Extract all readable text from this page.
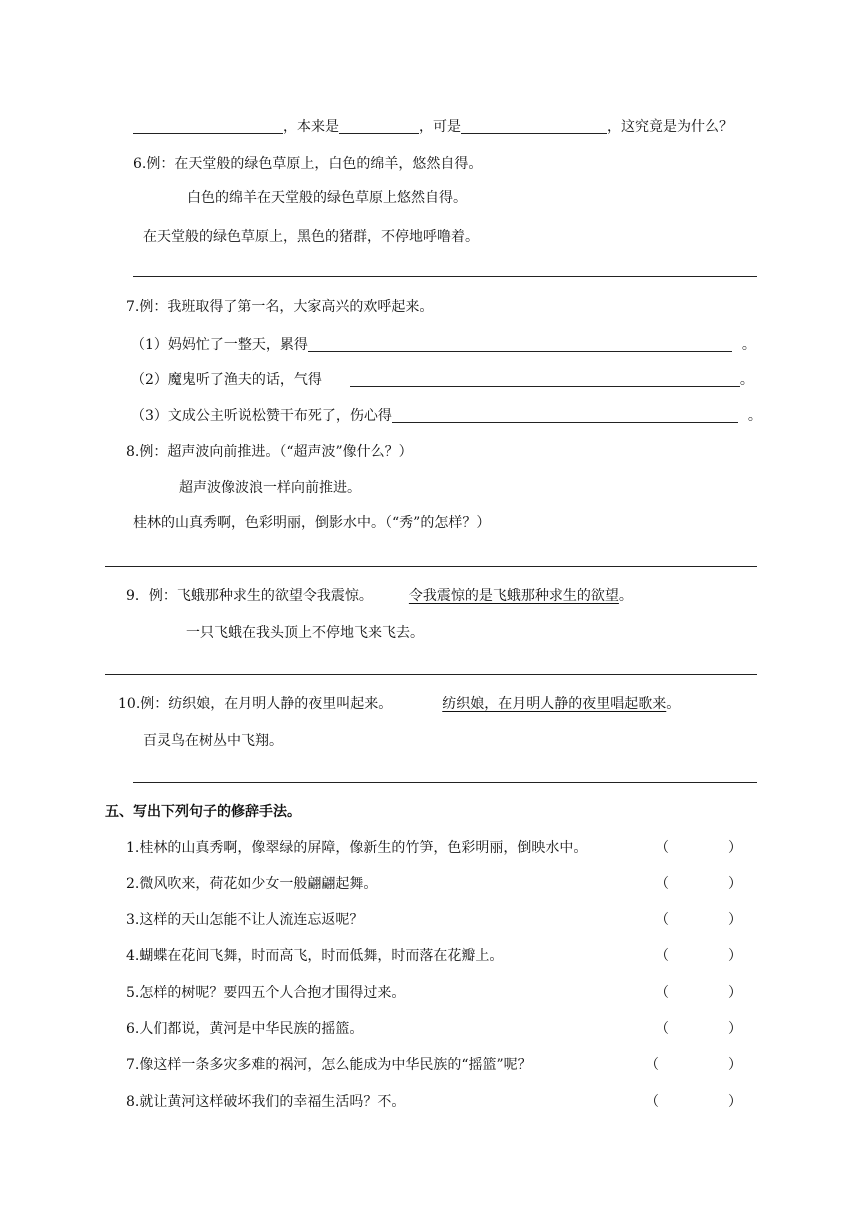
，本来是	，可是	，这究竟是为什么？
6.例：在天堂般的绿色草原上，白色的绵羊，悠然自得。
白色的绵羊在天堂般的绿色草原上悠然自得。
在天堂般的绿色草原上，黑色的猪群，不停地呼噜着。
7.例：我班取得了第一名，大家高兴的欢呼起来。
（1）妈妈忙了一整天，累得	。
（2）魔鬼听了渔夫的话，气得	。
（3）文成公主听说松赞干布死了，伤心得	。
8.例：超声波向前推进。（“超声波”像什么？）
超声波像波浪一样向前推进。
桂林的山真秀啊，色彩明丽，倒影水中。（“秀”的怎样？）
9．例：飞蛾那种求生的欲望令我震惊。	令我震惊的是飞蛾那种求生的欲望。
一只飞蛾在我头顶上不停地飞来飞去。
10.例：纺织娘，在月明人静的夜里叫起来。	纺织娘，在月明人静的夜里唱起歌来。
百灵鸟在树丛中飞翔。
五、写出下列句子的修辞手法。
1.桂林的山真秀啊，像翠绿的屏障，像新生的竹笋，色彩明丽，倒映水中。	（	）
2.微风吹来，荷花如少女一般翩翩起舞。	（	）
3.这样的天山怎能不让人流连忘返呢？	（	）
4.蝴蝶在花间飞舞，时而高飞，时而低舞，时而落在花瓣上。	（	）
5.怎样的树呢？要四五个人合抱才围得过来。	（	）
6.人们都说，黄河是中华民族的摇篮。	（	）
7.像这样一条多灾多难的祸河，怎么能成为中华民族的“摇篮”呢？	（	）
8.就让黄河这样破坏我们的幸福生活吗？不。	（	）
